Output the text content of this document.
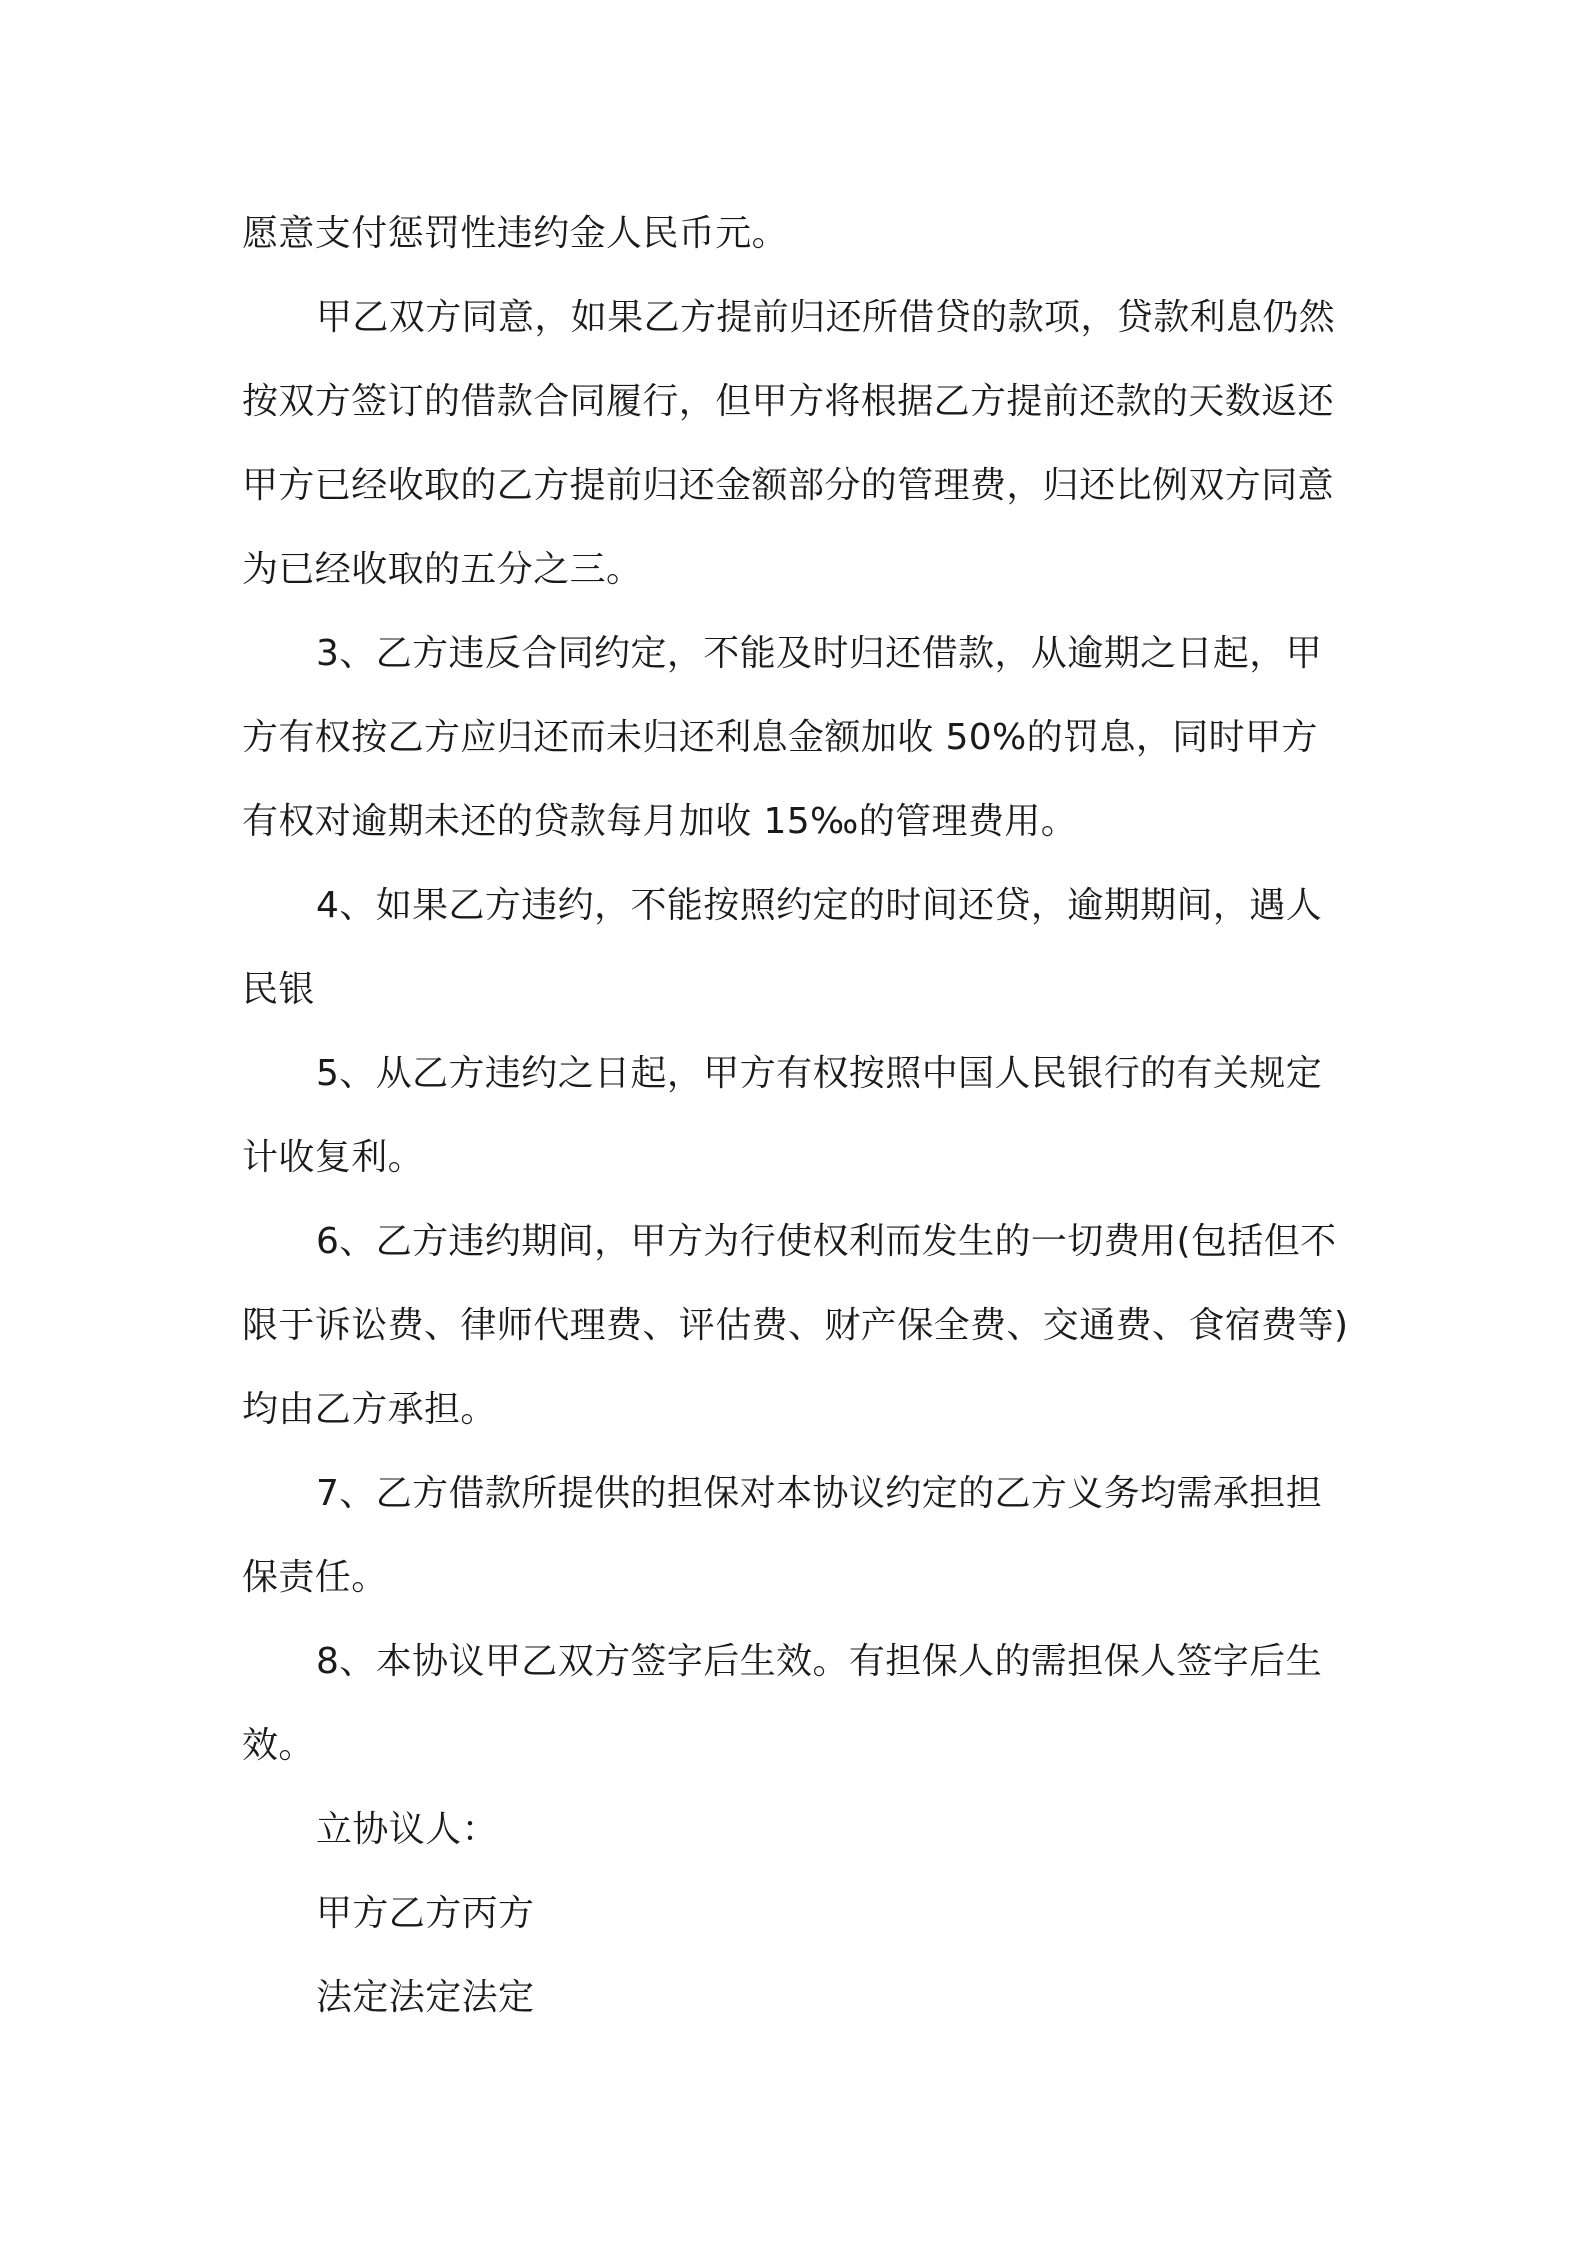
愿意支付惩罚性违约金人民币元。
甲乙双方同意，如果乙方提前归还所借贷的款项，贷款利息仍然
按双方签订的借款合同履行，但甲方将根据乙方提前还款的天数返还
甲方已经收取的乙方提前归还金额部分的管理费，归还比例双方同意
为已经收取的五分之三。
3、乙方违反合同约定，不能及时归还借款，从逾期之日起，甲
方有权按乙方应归还而未归还利息金额加收 50%的罚息，同时甲方
有权对逾期未还的贷款每月加收 15‰的管理费用。
4、如果乙方违约，不能按照约定的时间还贷，逾期期间，遇人
民银
5、从乙方违约之日起，甲方有权按照中国人民银行的有关规定
计收复利。
6、乙方违约期间，甲方为行使权利而发生的一切费用(包括但不
限于诉讼费、律师代理费、评估费、财产保全费、交通费、食宿费等)
均由乙方承担。
7、乙方借款所提供的担保对本协议约定的乙方义务均需承担担
保责任。
8、本协议甲乙双方签字后生效。有担保人的需担保人签字后生
效。
立协议人：
甲方乙方丙方
法定法定法定
